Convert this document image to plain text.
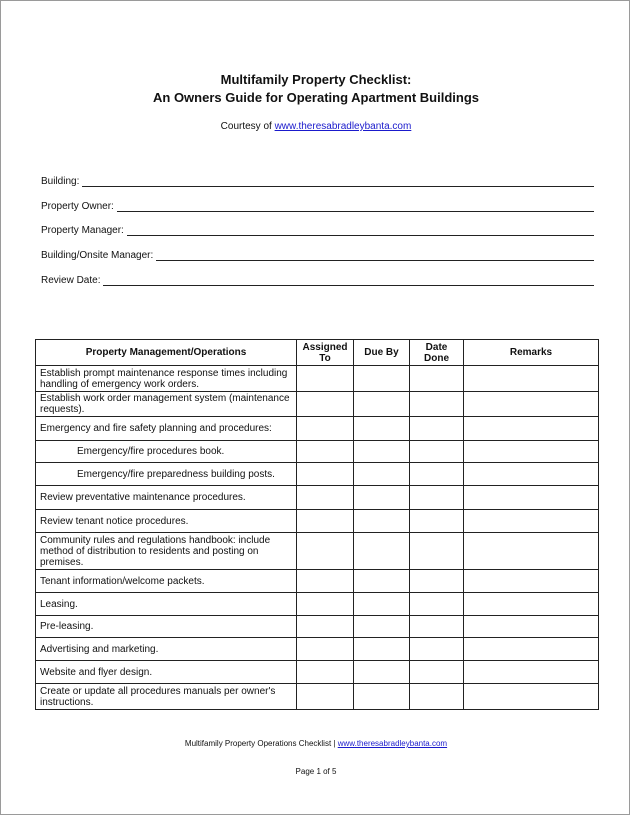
Multifamily Property Checklist:
An Owners Guide for Operating Apartment Buildings
Courtesy of www.theresabradleybanta.com
Building:
Property Owner:
Property Manager:
Building/Onsite Manager:
Review Date:
Property Management/Operations	Assigned To	Due By	Date Done	Remarks
Establish prompt maintenance response times including handling of emergency work orders.				
Establish work order management system (maintenance requests).				
Emergency and fire safety planning and procedures:				
Emergency/fire procedures book.				
Emergency/fire preparedness building posts.				
Review preventative maintenance procedures.				
Review tenant notice procedures.				
Community rules and regulations handbook: include method of distribution to residents and posting on premises.				
Tenant information/welcome packets.				
Leasing.				
Pre-leasing.				
Advertising and marketing.				
Website and flyer design.				
Create or update all procedures manuals per owner's instructions.				
Multifamily Property Operations Checklist | www.theresabradleybanta.com
Page 1 of 5
